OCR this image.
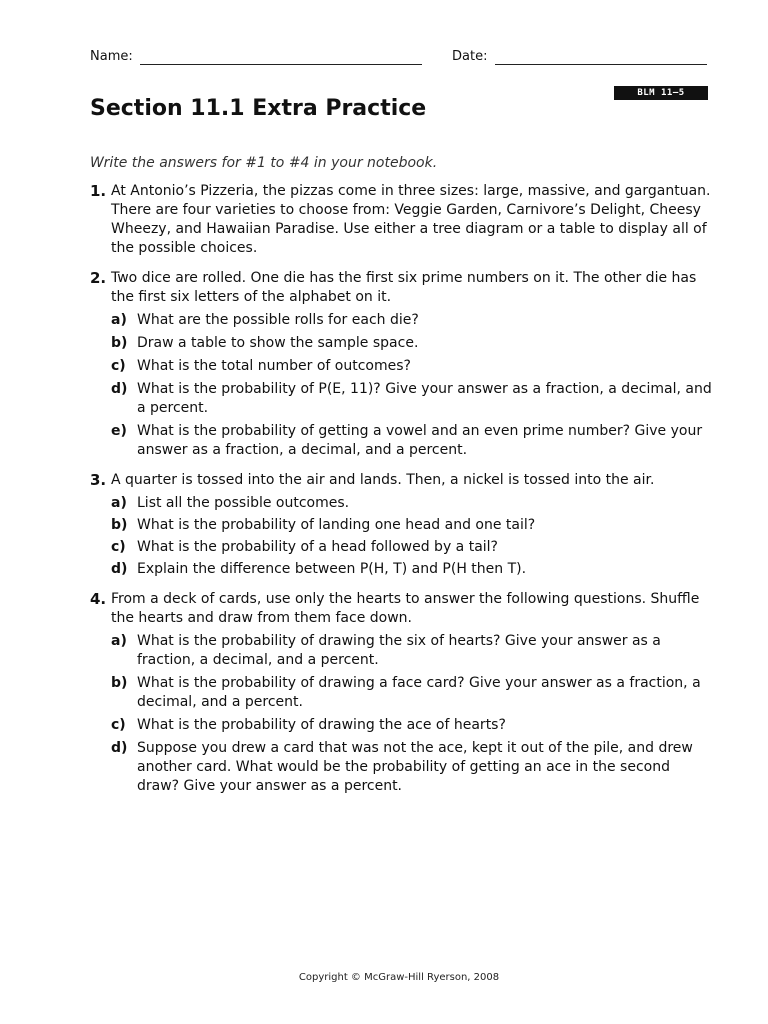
Name:	Date:
BLM 11–5
Section 11.1 Extra Practice
Write the answers for #1 to #4 in your notebook.
1. At Antonio’s Pizzeria, the pizzas come in three sizes: large, massive, and gargantuan. There are four varieties to choose from: Veggie Garden, Carnivore’s Delight, Cheesy Wheezy, and Hawaiian Paradise. Use either a tree diagram or a table to display all of the possible choices.
2. Two dice are rolled. One die has the first six prime numbers on it. The other die has the first six letters of the alphabet on it.
a) What are the possible rolls for each die?
b) Draw a table to show the sample space.
c) What is the total number of outcomes?
d) What is the probability of P(E, 11)? Give your answer as a fraction, a decimal, and a percent.
e) What is the probability of getting a vowel and an even prime number? Give your answer as a fraction, a decimal, and a percent.
3. A quarter is tossed into the air and lands. Then, a nickel is tossed into the air.
a) List all the possible outcomes.
b) What is the probability of landing one head and one tail?
c) What is the probability of a head followed by a tail?
d) Explain the difference between P(H, T) and P(H then T).
4. From a deck of cards, use only the hearts to answer the following questions. Shuffle the hearts and draw from them face down.
a) What is the probability of drawing the six of hearts? Give your answer as a fraction, a decimal, and a percent.
b) What is the probability of drawing a face card? Give your answer as a fraction, a decimal, and a percent.
c) What is the probability of drawing the ace of hearts?
d) Suppose you drew a card that was not the ace, kept it out of the pile, and drew another card. What would be the probability of getting an ace in the second draw? Give your answer as a percent.
Copyright © McGraw-Hill Ryerson, 2008
